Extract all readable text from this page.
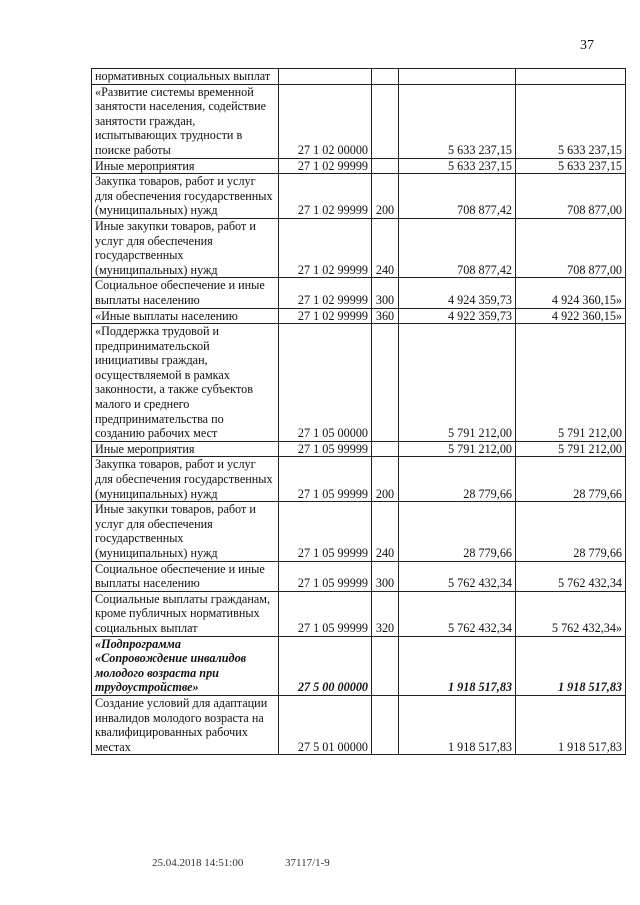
37
нормативных социальных выплат				
«Развитие системы временной занятости населения, содействие занятости граждан, испытывающих трудности в поиске работы	27 1 02 00000		5 633 237,15	5 633 237,15
Иные мероприятия	27 1 02 99999		5 633 237,15	5 633 237,15
Закупка товаров, работ и услуг для обеспечения государственных (муниципальных) нужд	27 1 02 99999	200	708 877,42	708 877,00
Иные закупки товаров, работ и услуг для обеспечения государственных (муниципальных) нужд	27 1 02 99999	240	708 877,42	708 877,00
Социальное обеспечение и иные выплаты населению	27 1 02 99999	300	4 924 359,73	4 924 360,15»
«Иные выплаты населению	27 1 02 99999	360	4 922 359,73	4 922 360,15»
«Поддержка трудовой и предпринимательской инициативы граждан, осуществляемой в рамках законности, а также субъектов малого и среднего предпринимательства по созданию рабочих мест	27 1 05 00000		5 791 212,00	5 791 212,00
Иные мероприятия	27 1 05 99999		5 791 212,00	5 791 212,00
Закупка товаров, работ и услуг для обеспечения государственных (муниципальных) нужд	27 1 05 99999	200	28 779,66	28 779,66
Иные закупки товаров, работ и услуг для обеспечения государственных (муниципальных) нужд	27 1 05 99999	240	28 779,66	28 779,66
Социальное обеспечение и иные выплаты населению	27 1 05 99999	300	5 762 432,34	5 762 432,34
Социальные выплаты гражданам, кроме публичных нормативных социальных выплат	27 1 05 99999	320	5 762 432,34	5 762 432,34»
«Подпрограмма «Сопровождение инвалидов молодого возраста при трудоустройстве»	27 5 00 00000		1 918 517,83	1 918 517,83
Создание условий для адаптации инвалидов молодого возраста на квалифицированных рабочих местах	27 5 01 00000		1 918 517,83	1 918 517,83
25.04.2018 14:51:00	37117/1-9
